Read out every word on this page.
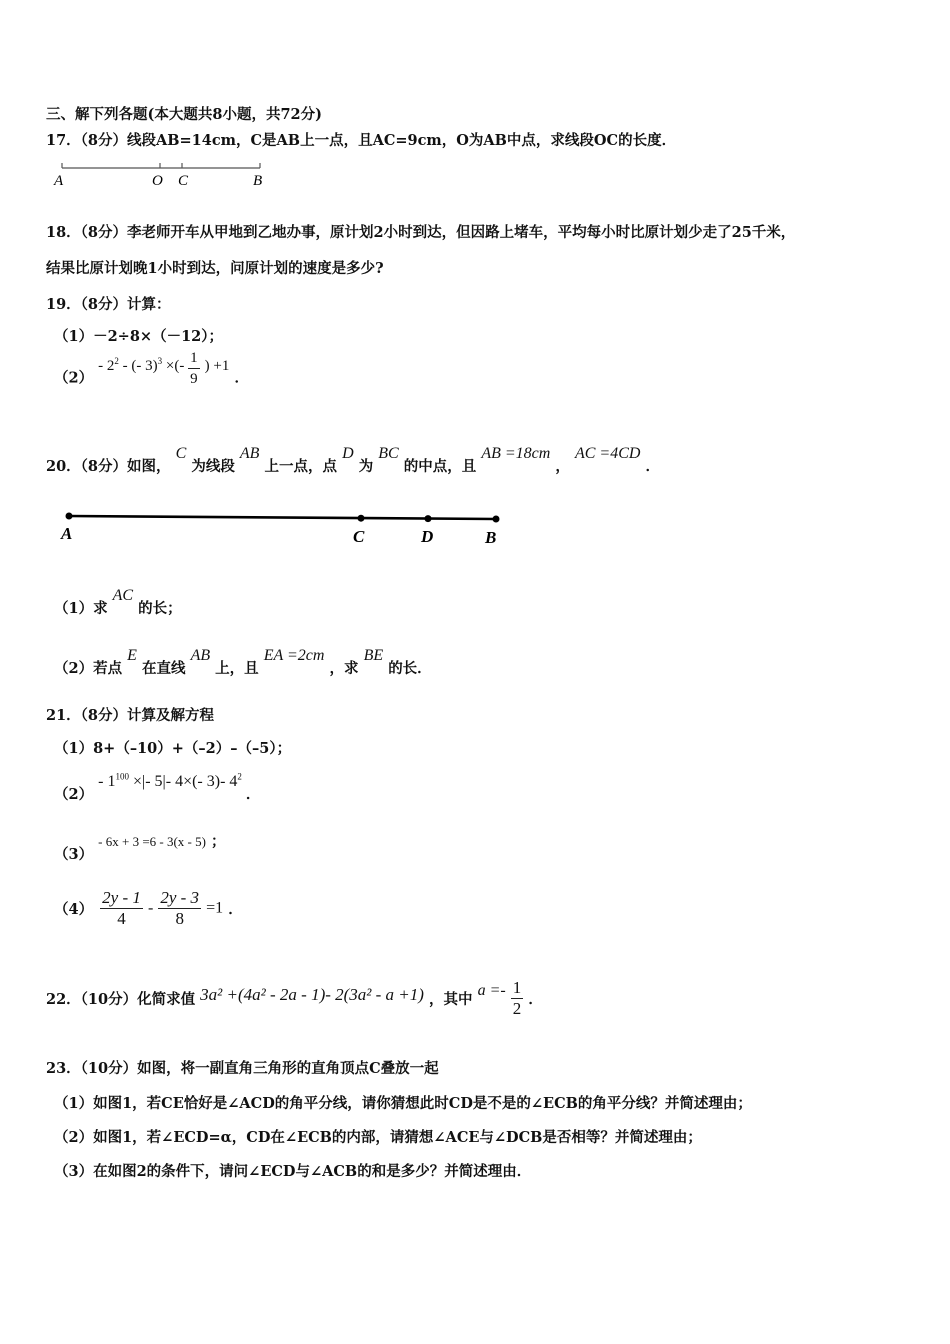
三、解下列各题(本大题共8小题，共72分)
17．（8分）线段AB=14cm，C是AB上一点，且AC=9cm，O为AB中点，求线段OC的长度．
A	O C	B
18．（8分）李老师开车从甲地到乙地办事，原计划2小时到达，但因路上堵车，平均每小时比原计划少走了25千米，
结果比原计划晚1小时到达，问原计划的速度是多少?
19．（8分）计算：
（1）－2÷8×（－12）；
$(2) - 2^2$ - (- 3)$^3$ ×(- $\frac{1}{9}$ ) +1 ．
20．（8分）如图， C 为线段 AB 上一点，点 D 为 BC 的中点，且 AB =18cm ， AC =4CD ．
A	C	D	B
（1）求 AC 的长；
（2）若点 E 在直线 AB 上，且 EA =2cm ，求 BE 的长．
21．（8分）计算及解方程
（1）8+（–10）+（–2）–（–5）；
$(2) - 1^{100}$ ×|- 5|- 4×(- 3)- $4^2$ ．
（3） - 6x + 3 =6 - 3(x - 5) ；
$(4) \frac{2y - 1}{4} - \frac{2y - 3}{8} =1$ ．
22．（10分）化简求值 3a² +(4a² - 2a - 1)- 2(3a² - a +1) ，其中 $a =- \frac{1}{2}$ ．
23．（10分）如图，将一副直角三角形的直角顶点C叠放一起
（1）如图1，若CE恰好是∠ACD的角平分线，请你猜想此时CD是不是的∠ECB的角平分线？并简述理由；
（2）如图1，若∠ECD=α，CD在∠ECB的内部，请猜想∠ACE与∠DCB是否相等？并简述理由；
（3）在如图2的条件下，请问∠ECD与∠ACB的和是多少？并简述理由．
